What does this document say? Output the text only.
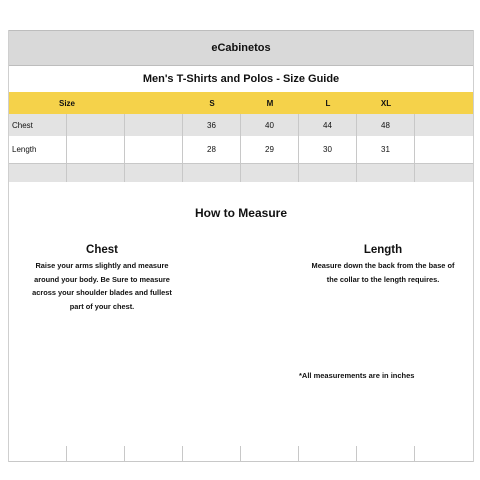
eCabinetos
Men's T-Shirts and Polos - Size Guide
Size	S	M	L	XL
Chest	36	40	44	48
Length	28	29	30	31
How to Measure
Chest
Raise your arms slightly and measure
around your body. Be Sure to measure
across your shoulder blades and fullest
part of your chest.
Length
Measure down the back from the base of
the collar to the length requires.
*All measurements are in inches
